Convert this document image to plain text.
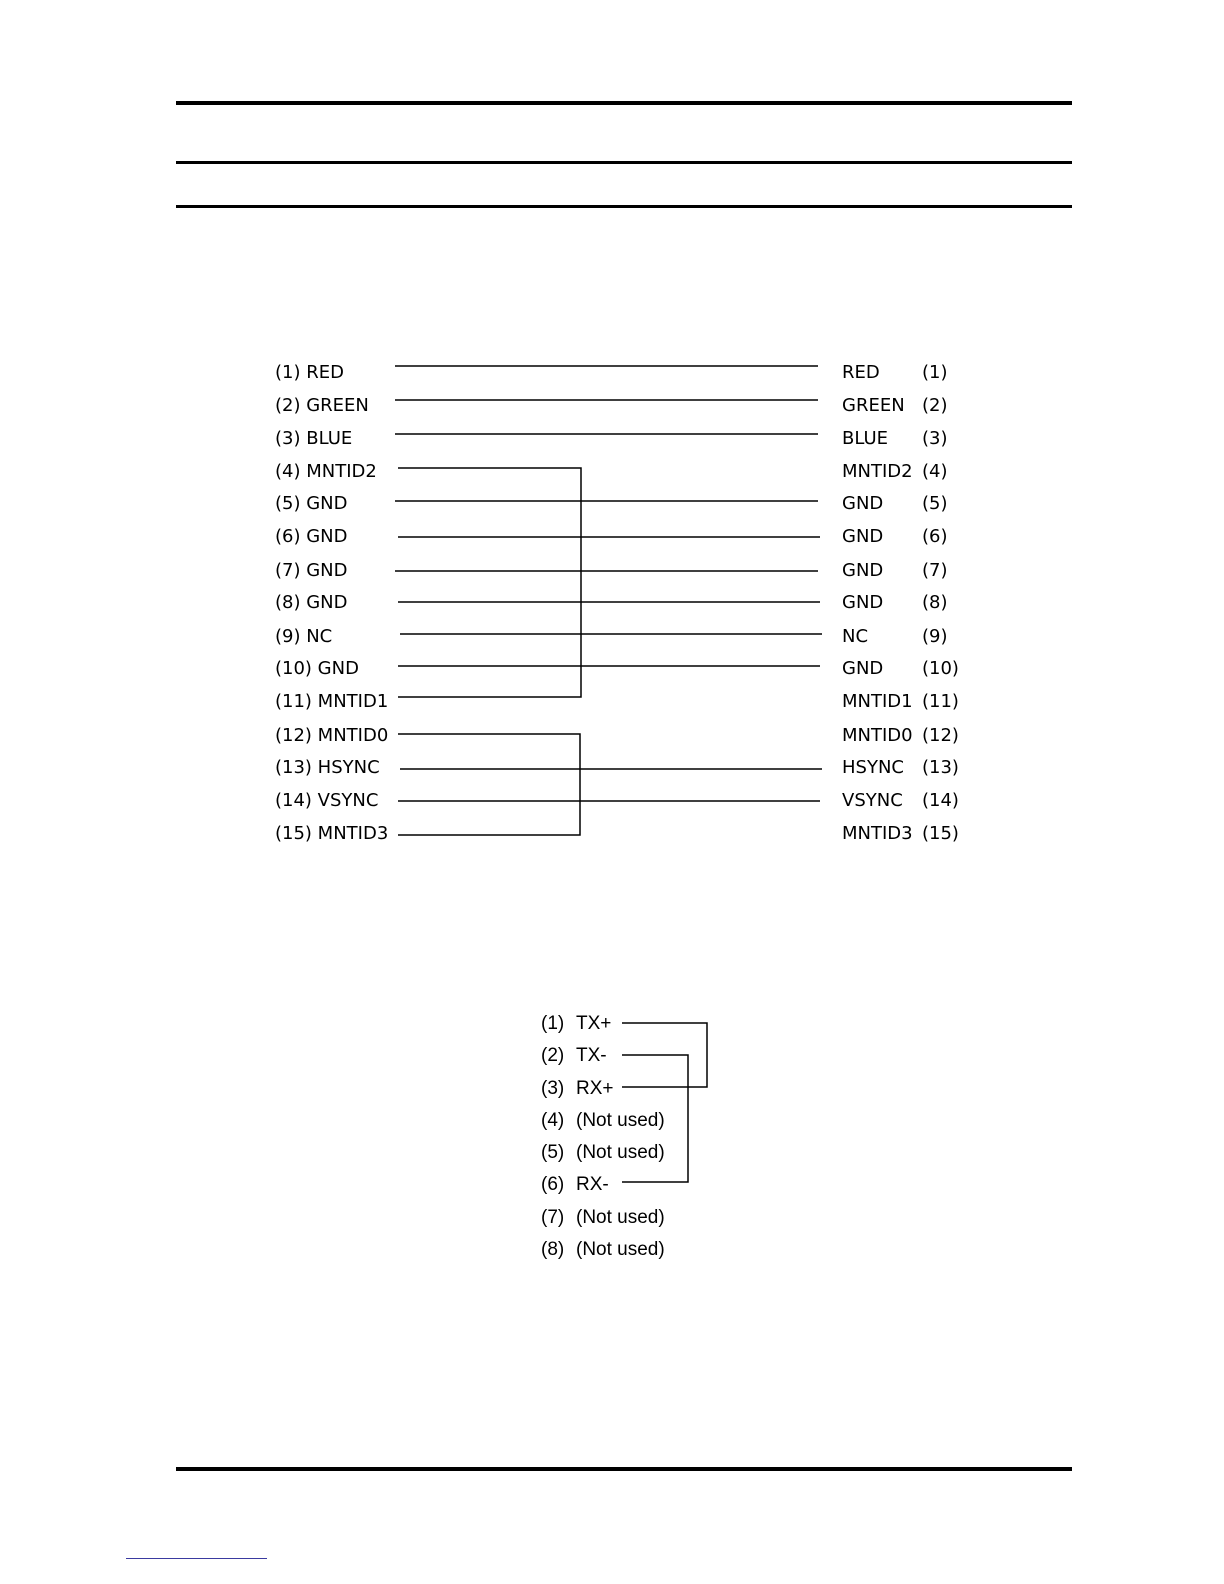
(1) RED
(2) GREEN
(3) BLUE
(4) MNTID2
(5) GND
(6) GND
(7) GND
(8) GND
(9) NC
(10) GND
(11) MNTID1
(12) MNTID0
(13) HSYNC
(14) VSYNC
(15) MNTID3
RED
GREEN
BLUE
MNTID2
GND
GND
GND
GND
NC
GND
MNTID1
MNTID0
HSYNC
VSYNC
MNTID3
(1)
(2)
(3)
(4)
(5)
(6)
(7)
(8)
(9)
(10)
(11)
(12)
(13)
(14)
(15)
(1)
(2)
(3)
(4)
(5)
(6)
(7)
(8)
TX+
TX-
RX+
(Not used)
(Not used)
RX-
(Not used)
(Not used)
